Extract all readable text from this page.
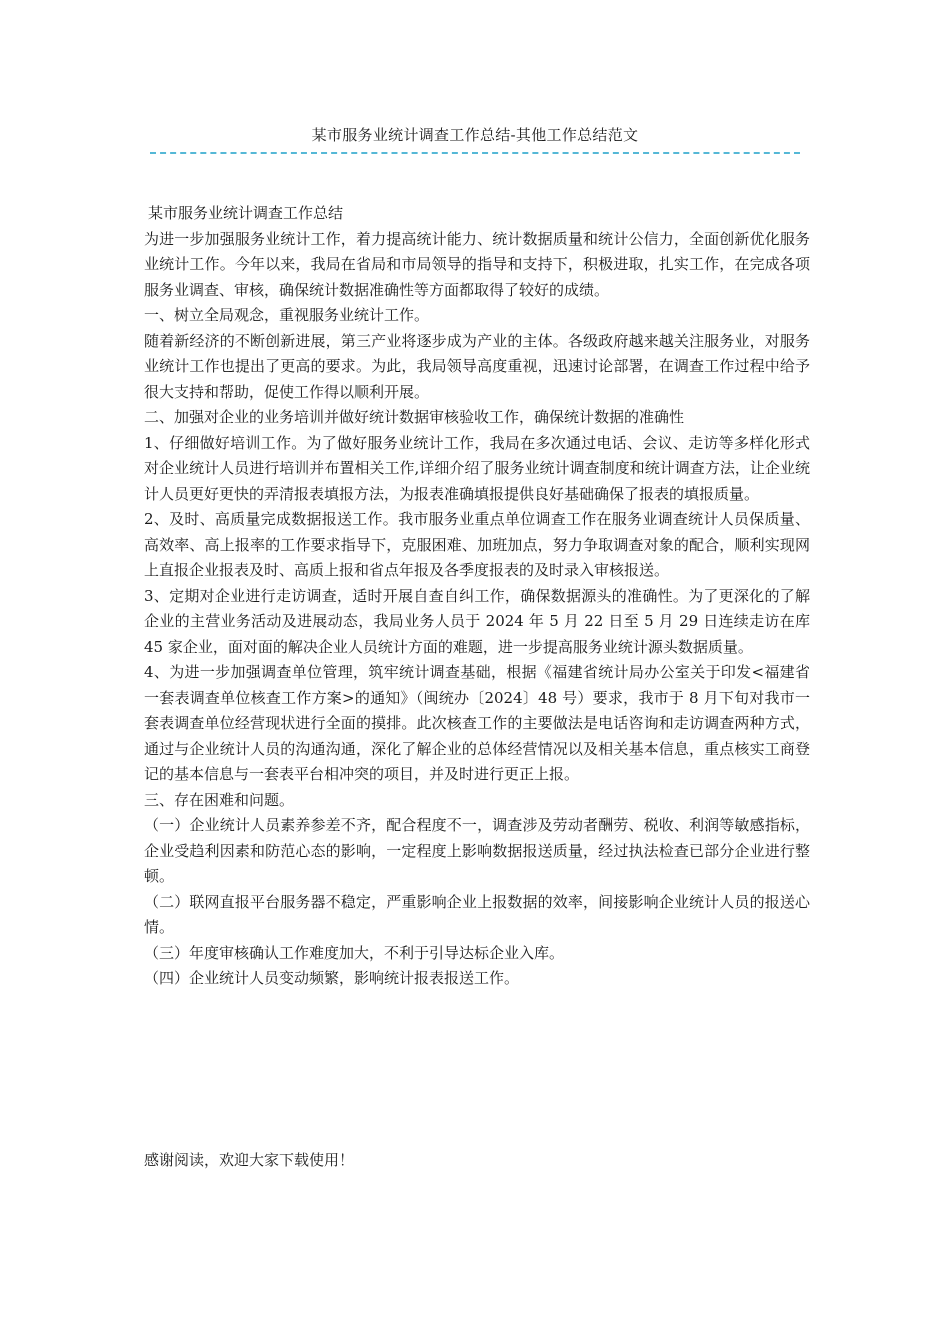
某市服务业统计调查工作总结-其他工作总结范文

某市服务业统计调查工作总结

为进一步加强服务业统计工作，着力提高统计能力、统计数据质量和统计公信力，全面创新优化服务业统计工作。今年以来，我局在省局和市局领导的指导和支持下，积极进取，扎实工作，在完成各项服务业调查、审核，确保统计数据准确性等方面都取得了较好的成绩。

一、树立全局观念，重视服务业统计工作。

随着新经济的不断创新进展，第三产业将逐步成为产业的主体。各级政府越来越关注服务业，对服务业统计工作也提出了更高的要求。为此，我局领导高度重视，迅速讨论部署，在调查工作过程中给予很大支持和帮助，促使工作得以顺利开展。

二、加强对企业的业务培训并做好统计数据审核验收工作，确保统计数据的准确性

1、仔细做好培训工作。为了做好服务业统计工作，我局在多次通过电话、会议、走访等多样化形式对企业统计人员进行培训并布置相关工作,详细介绍了服务业统计调查制度和统计调查方法，让企业统计人员更好更快的弄清报表填报方法，为报表准确填报提供良好基础确保了报表的填报质量。

2、及时、高质量完成数据报送工作。我市服务业重点单位调查工作在服务业调查统计人员保质量、高效率、高上报率的工作要求指导下，克服困难、加班加点，努力争取调查对象的配合，顺利实现网上直报企业报表及时、高质上报和省点年报及各季度报表的及时录入审核报送。

3、定期对企业进行走访调查，适时开展自查自纠工作，确保数据源头的准确性。为了更深化的了解企业的主营业务活动及进展动态，我局业务人员于 2024 年 5 月 22 日至 5 月 29 日连续走访在库 45 家企业，面对面的解决企业人员统计方面的难题，进一步提高服务业统计源头数据质量。

4、为进一步加强调查单位管理，筑牢统计调查基础，根据《福建省统计局办公室关于印发<福建省一套表调查单位核查工作方案>的通知》（闽统办〔2024〕48 号）要求，我市于 8 月下旬对我市一套表调查单位经营现状进行全面的摸排。此次核查工作的主要做法是电话咨询和走访调查两种方式，通过与企业统计人员的沟通沟通，深化了解企业的总体经营情况以及相关基本信息，重点核实工商登记的基本信息与一套表平台相冲突的项目，并及时进行更正上报。

三、存在困难和问题。

（一）企业统计人员素养参差不齐，配合程度不一，调查涉及劳动者酬劳、税收、利润等敏感指标，企业受趋利因素和防范心态的影响，一定程度上影响数据报送质量，经过执法检查已部分企业进行整顿。

（二）联网直报平台服务器不稳定，严重影响企业上报数据的效率，间接影响企业统计人员的报送心情。

（三）年度审核确认工作难度加大，不利于引导达标企业入库。

（四）企业统计人员变动频繁，影响统计报表报送工作。

感谢阅读，欢迎大家下载使用！
